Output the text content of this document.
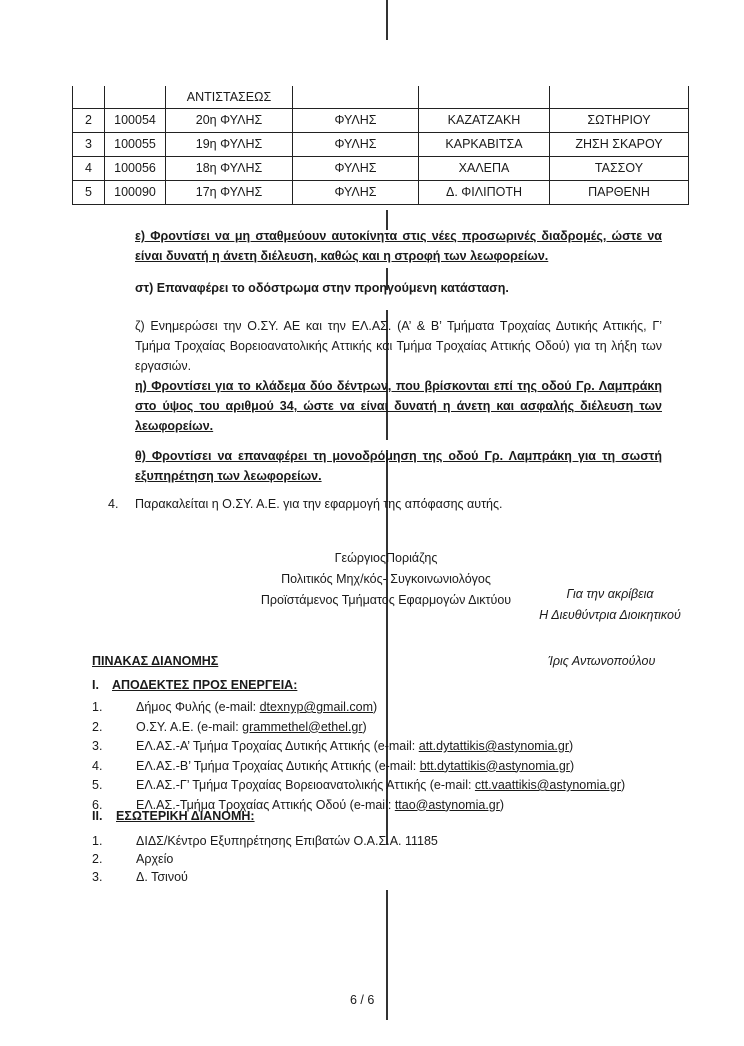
		ΑΝΤΙΣΤΑΣΕΩΣ			
2	100054	20η ΦΥΛΗΣ	ΦΥΛΗΣ	ΚΑΖΑΤΖΑΚΗ	ΣΩΤΗΡΙΟΥ
3	100055	19η ΦΥΛΗΣ	ΦΥΛΗΣ	ΚΑΡΚΑΒΙΤΣΑ	ΖΗΣΗ ΣΚΑΡΟΥ
4	100056	18η ΦΥΛΗΣ	ΦΥΛΗΣ	ΧΑΛΕΠΑ	ΤΑΣΣΟΥ
5	100090	17η ΦΥΛΗΣ	ΦΥΛΗΣ	Δ. ΦΙΛΙΠΟΤΗ	ΠΑΡΘΕΝΗ
ε) Φροντίσει να μη σταθμεύουν αυτοκίνητα στις νέες προσωρινές διαδρομές, ώστε να είναι δυνατή η άνετη διέλευση, καθώς και η στροφή των λεωφορείων.
στ) Επαναφέρει το οδόστρωμα στην προηγούμενη κατάσταση.
ζ) Ενημερώσει την Ο.ΣΥ. ΑΕ και την ΕΛ.ΑΣ. (Α’ & Β’ Τμήματα Τροχαίας Δυτικής Αττικής, Γ’ Τμήμα Τροχαίας Βορειοανατολικής Αττικής και Τμήμα Τροχαίας Αττικής Οδού) για τη λήξη των εργασιών.
η) Φροντίσει για το κλάδεμα δύο δέντρων, που βρίσκονται επί της οδού Γρ. Λαμπράκη στο ύψος του αριθμού 34, ώστε να είναι δυνατή η άνετη και ασφαλής διέλευση των λεωφορείων.
θ) Φροντίσει να επαναφέρει τη μονοδρόμηση της οδού Γρ. Λαμπράκη για τη σωστή εξυπηρέτηση των λεωφορείων.
4. Παρακαλείται η Ο.ΣΥ. Α.Ε. για την εφαρμογή της απόφασης αυτής.
ΓεώργιοςΠοριάζης
Πολιτικός Μηχ/κός- Συγκοινωνιολόγος
Προϊστάμενος Τμήματος Εφαρμογών Δικτύου	Για την ακρίβεια
Η Διευθύντρια Διοικητικού
Ίρις Αντωνοπούλου
ΠΙΝΑΚΑΣ ΔΙΑΝΟΜΗΣ
I. ΑΠΟΔΕΚΤΕΣ ΠΡΟΣ ΕΝΕΡΓΕΙΑ:
1.	Δήμος Φυλής (e-mail: dtexnyp@gmail.com)
2.	Ο.ΣΥ. Α.Ε. (e-mail: grammethel@ethel.gr)
3.	ΕΛ.ΑΣ.-Α’ Τμήμα Τροχαίας Δυτικής Αττικής (e-mail: att.dytattikis@astynomia.gr)
4.	ΕΛ.ΑΣ.-Β’ Τμήμα Τροχαίας Δυτικής Αττικής (e-mail: btt.dytattikis@astynomia.gr)
5.	ΕΛ.ΑΣ.-Γ’ Τμήμα Τροχαίας Βορειοανατολικής Αττικής (e-mail: ctt.vaattikis@astynomia.gr)
6.	ΕΛ.ΑΣ.-Τμήμα Τροχαίας Αττικής Οδού (e-mail: ttao@astynomia.gr)
II. ΕΣΩΤΕΡΙΚΗ ΔΙΑΝΟΜΗ:
1.	ΔΙΔΣ/Κέντρο Εξυπηρέτησης Επιβατών Ο.Α.Σ.Α. 11185
2.	Αρχείο
3.	Δ. Τσινού
6 / 6
